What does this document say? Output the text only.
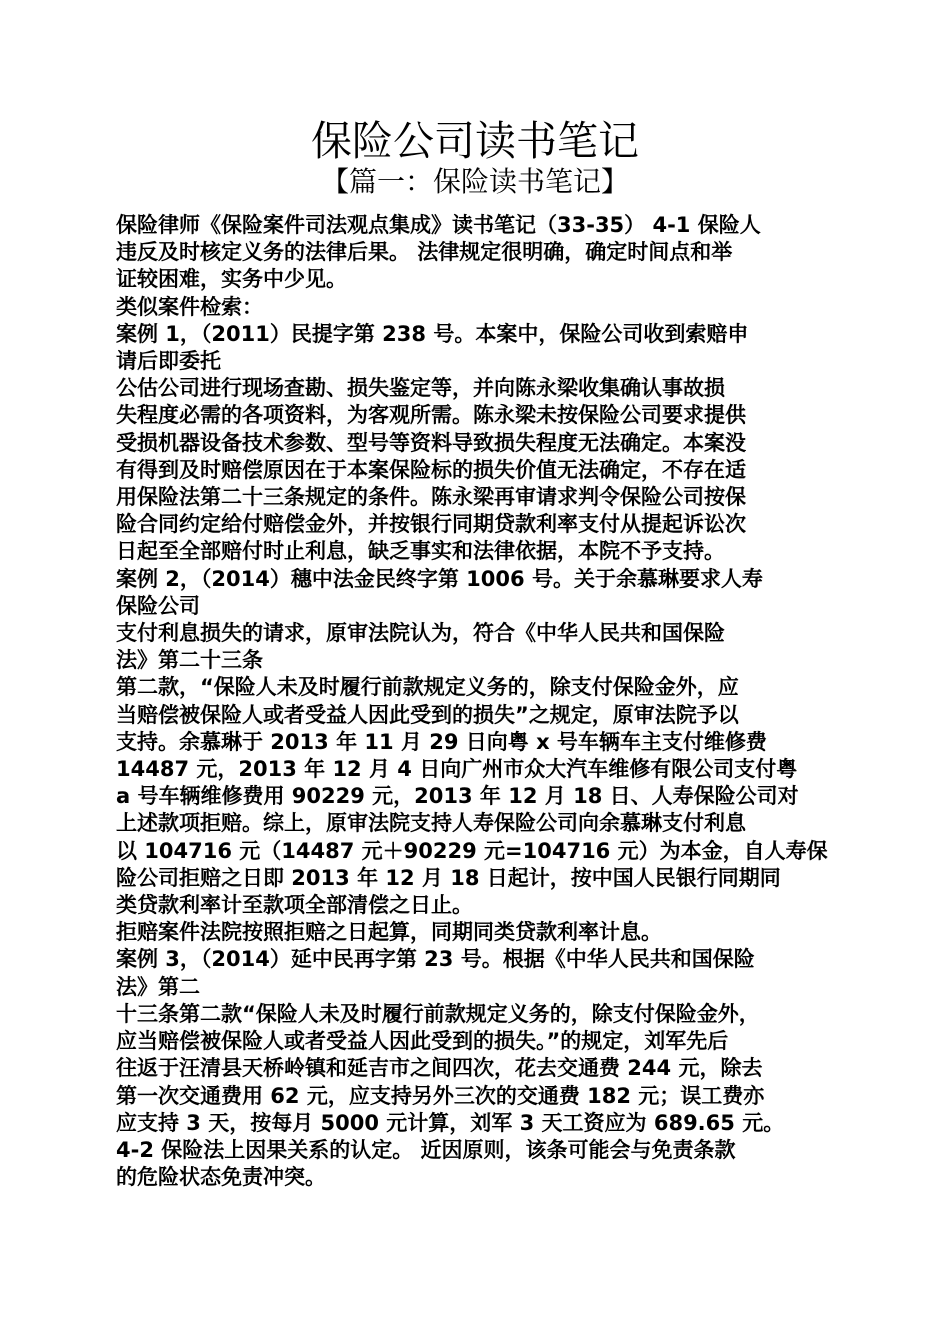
保险公司读书笔记
【篇一：保险读书笔记】

保险律师《保险案件司法观点集成》读书笔记（33-35） 4-1 保险人

违反及时核定义务的法律后果。 法律规定很明确，确定时间点和举

证较困难，实务中少见。

类似案件检索：

案例 1，（2011）民提字第 238 号。本案中，保险公司收到索赔申

请后即委托

公估公司进行现场查勘、损失鉴定等，并向陈永梁收集确认事故损

失程度必需的各项资料，为客观所需。陈永梁未按保险公司要求提供

受损机器设备技术参数、型号等资料导致损失程度无法确定。本案没

有得到及时赔偿原因在于本案保险标的损失价值无法确定，不存在适

用保险法第二十三条规定的条件。陈永梁再审请求判令保险公司按保

险合同约定给付赔偿金外，并按银行同期贷款利率支付从提起诉讼次

日起至全部赔付时止利息，缺乏事实和法律依据，本院不予支持。

案例 2，（2014）穗中法金民终字第 1006 号。关于余慕琳要求人寿

保险公司

支付利息损失的请求，原审法院认为，符合《中华人民共和国保险

法》第二十三条

第二款，“保险人未及时履行前款规定义务的，除支付保险金外，应

当赔偿被保险人或者受益人因此受到的损失”之规定，原审法院予以

支持。余慕琳于 2013 年 11 月 29 日向粤 x 号车辆车主支付维修费

14487 元，2013 年 12 月 4 日向广州市众大汽车维修有限公司支付粤

a 号车辆维修费用 90229 元，2013 年 12 月 18 日、人寿保险公司对

上述款项拒赔。综上，原审法院支持人寿保险公司向余慕琳支付利息

以 104716 元（14487 元＋90229 元=104716 元）为本金，自人寿保

险公司拒赔之日即 2013 年 12 月 18 日起计，按中国人民银行同期同

类贷款利率计至款项全部清偿之日止。

拒赔案件法院按照拒赔之日起算，同期同类贷款利率计息。

案例 3，（2014）延中民再字第 23 号。根据《中华人民共和国保险

法》第二

十三条第二款“保险人未及时履行前款规定义务的，除支付保险金外，

应当赔偿被保险人或者受益人因此受到的损失。”的规定，刘军先后

往返于汪清县天桥岭镇和延吉市之间四次，花去交通费 244 元，除去

第一次交通费用 62 元，应支持另外三次的交通费 182 元；误工费亦

应支持 3 天，按每月 5000 元计算，刘军 3 天工资应为 689.65 元。

4-2 保险法上因果关系的认定。 近因原则，该条可能会与免责条款

的危险状态免责冲突。
